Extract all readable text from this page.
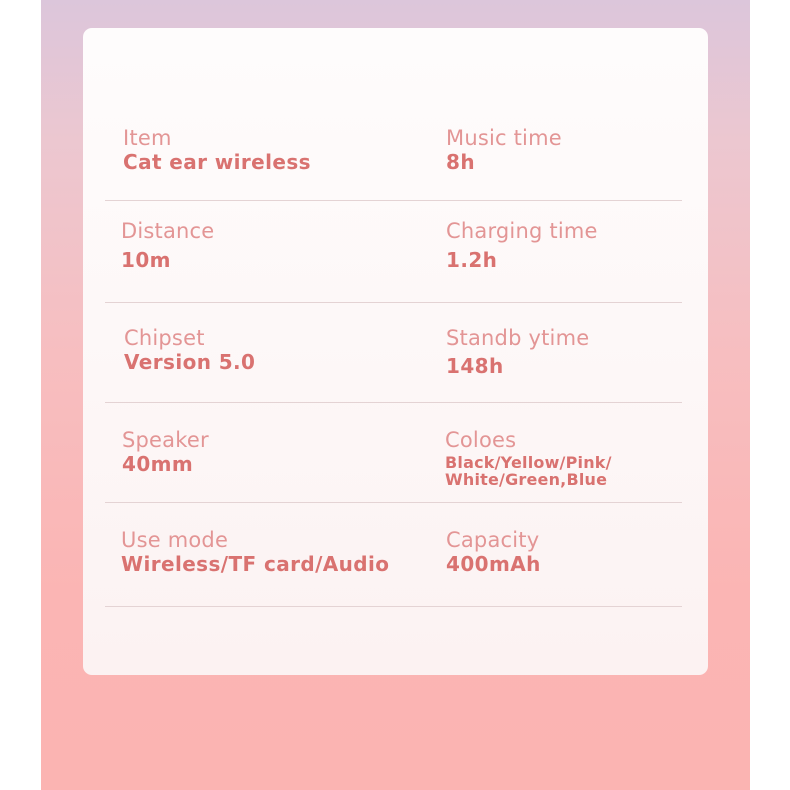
Item
Cat ear wireless
Music time
8h
Distance
10m
Charging time
1.2h
Chipset
Version 5.0
Standb ytime
148h
Speaker
40mm
Coloes
Black/Yellow/Pink/
White/Green,Blue
Use mode
Wireless/TF card/Audio
Capacity
400mAh
